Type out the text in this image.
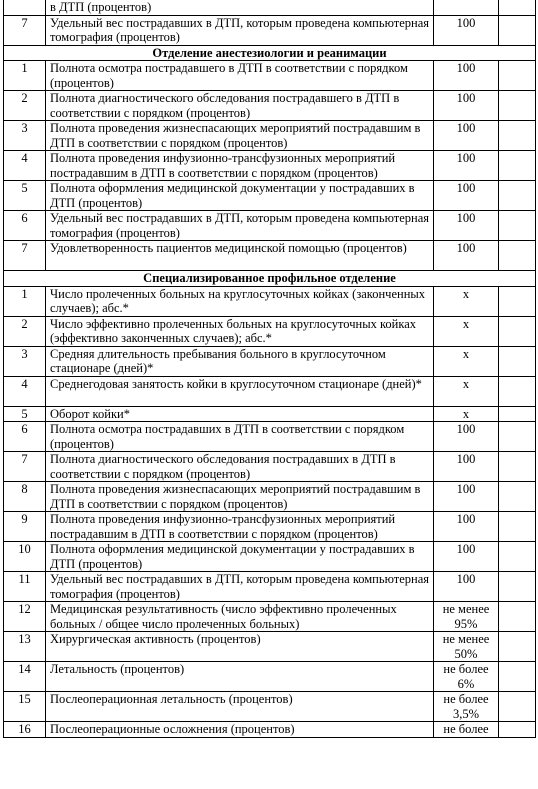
	в ДТП (процентов)		
7	Удельный вес пострадавших в ДТП, которым проведена компьютерная томография (процентов)	100	
Отделение анестезиологии и реанимации			
1	Полнота осмотра пострадавшего в ДТП в соответствии с порядком (процентов)	100	
2	Полнота диагностического обследования пострадавшего в ДТП в соответствии с порядком (процентов)	100	
3	Полнота проведения жизнеспасающих мероприятий пострадавшим в ДТП в соответствии с порядком (процентов)	100	
4	Полнота проведения инфузионно-трансфузионных мероприятий пострадавшим в ДТП в соответствии с порядком (процентов)	100	
5	Полнота оформления медицинской документации у пострадавших в ДТП (процентов)	100	
6	Удельный вес пострадавших в ДТП, которым проведена компьютерная томография (процентов)	100	
7	Удовлетворенность пациентов медицинской помощью (процентов)	100	
Специализированное профильное отделение			
1	Число пролеченных больных на круглосуточных койках (законченных случаев); абс.*	х	
2	Число эффективно пролеченных больных на круглосуточных койках (эффективно законченных случаев); абс.*	х	
3	Средняя длительность пребывания больного в круглосуточном стационаре (дней)*	х	
4	Среднегодовая занятость койки в круглосуточном стационаре (дней)*	х	
5	Оборот койки*	х	
6	Полнота осмотра пострадавших в ДТП в соответствии с порядком (процентов)	100	
7	Полнота диагностического обследования пострадавших в ДТП в соответствии с порядком (процентов)	100	
8	Полнота проведения жизнеспасающих мероприятий пострадавшим в ДТП в соответствии с порядком (процентов)	100	
9	Полнота проведения инфузионно-трансфузионных мероприятий пострадавшим в ДТП в соответствии с порядком (процентов)	100	
10	Полнота оформления медицинской документации у пострадавших в ДТП (процентов)	100	
11	Удельный вес пострадавших в ДТП, которым проведена компьютерная томография (процентов)	100	
12	Медицинская результативность (число эффективно пролеченных больных / общее число пролеченных больных)	не менее 95%	
13	Хирургическая активность (процентов)	не менее 50%	
14	Летальность (процентов)	не более 6%	
15	Послеоперационная летальность (процентов)	не более 3,5%	
16	Послеоперационные осложнения (процентов)	не более	
